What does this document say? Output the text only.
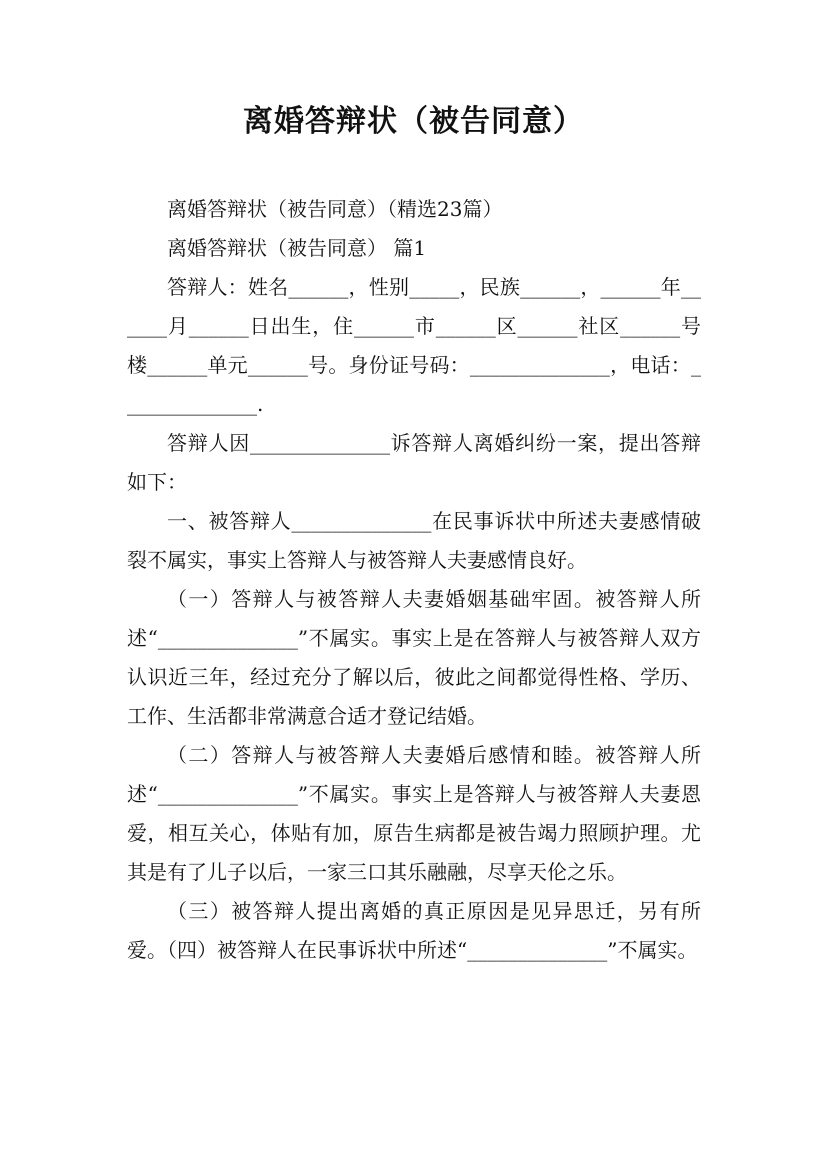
离婚答辩状（被告同意）

离婚答辩状（被告同意）（精选23篇）

离婚答辩状（被告同意） 篇1

答辩人：姓名______，性别_____，民族______，______年______月______日出生，住______市______区______社区______号楼______单元______号。身份证号码：______________，电话：______________.

答辩人因______________诉答辩人离婚纠纷一案，提出答辩如下：

一、被答辩人______________在民事诉状中所述夫妻感情破裂不属实，事实上答辩人与被答辩人夫妻感情良好。

（一）答辩人与被答辩人夫妻婚姻基础牢固。被答辩人所述“______________”不属实。事实上是在答辩人与被答辩人双方认识近三年，经过充分了解以后，彼此之间都觉得性格、学历、工作、生活都非常满意合适才登记结婚。

（二）答辩人与被答辩人夫妻婚后感情和睦。被答辩人所述“______________”不属实。事实上是答辩人与被答辩人夫妻恩爱，相互关心，体贴有加，原告生病都是被告竭力照顾护理。尤其是有了儿子以后，一家三口其乐融融，尽享天伦之乐。

（三）被答辩人提出离婚的真正原因是见异思迁，另有所爱。（四）被答辩人在民事诉状中所述“______________”不属实。
